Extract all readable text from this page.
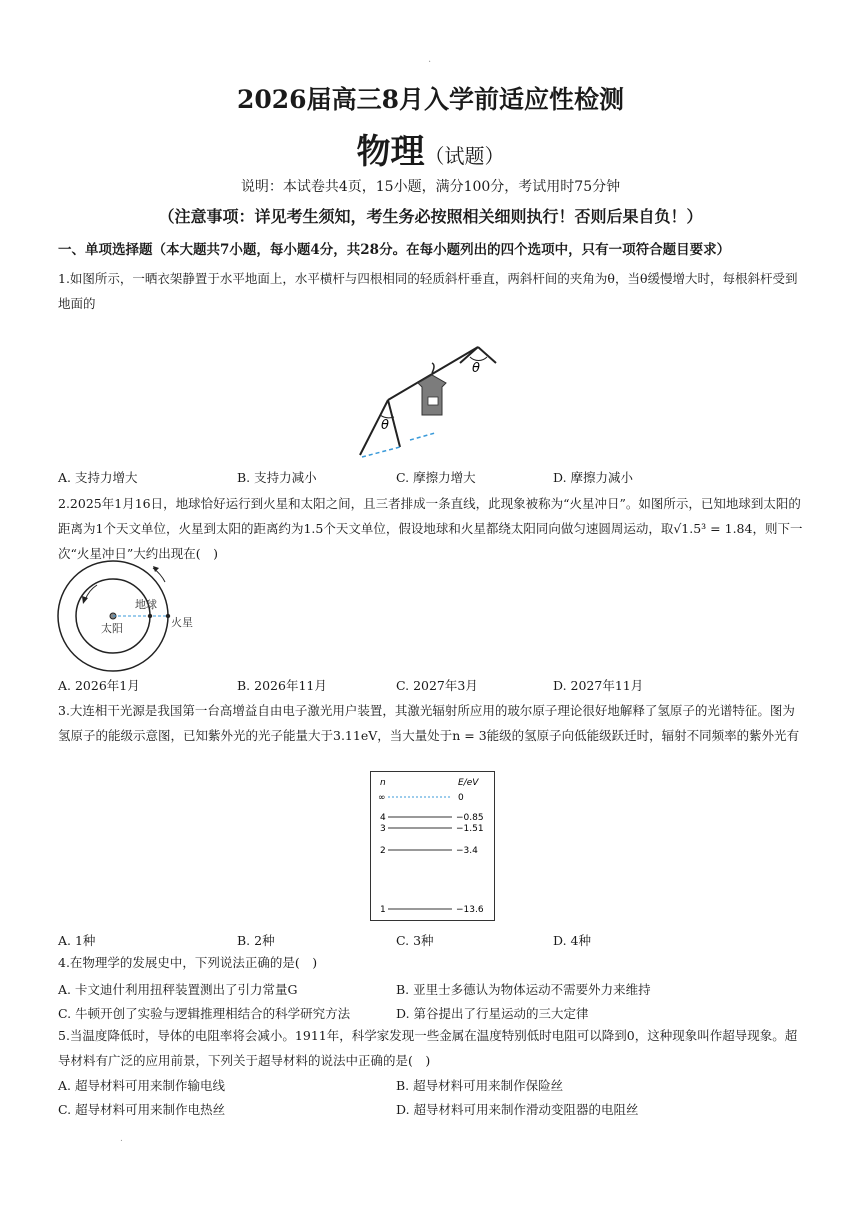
.
2026届高三8月入学前适应性检测
物理（试题）
说明：本试卷共4页，15小题，满分100分，考试用时75分钟
（注意事项：详见考生须知，考生务必按照相关细则执行！否则后果自负！）
一、单项选择题（本大题共7小题，每小题4分，共28分。在每小题列出的四个选项中，只有一项符合题目要求）
1.如图所示，一晒衣架静置于水平地面上，水平横杆与四根相同的轻质斜杆垂直，两斜杆间的夹角为θ，当θ缓慢增大时，每根斜杆受到地面的
θ
θ
A. 支持力增大	B. 支持力减小	C. 摩擦力增大	D. 摩擦力减小
2.2025年1月16日，地球恰好运行到火星和太阳之间，且三者排成一条直线，此现象被称为“火星冲日”。如图所示，已知地球到太阳的距离为1个天文单位，火星到太阳的距离约为1.5个天文单位，假设地球和火星都绕太阳同向做匀速圆周运动，取√1.5³ = 1.84，则下一次“火星冲日”大约出现在(　)
太阳
地球
火星
A. 2026年1月	B. 2026年11月	C. 2027年3月	D. 2027年11月
3.大连相干光源是我国第一台高增益自由电子激光用户装置，其激光辐射所应用的玻尔原子理论很好地解释了氢原子的光谱特征。图为氢原子的能级示意图，已知紫外光的光子能量大于3.11eV，当大量处于n = 3能级的氢原子向低能级跃迁时，辐射不同频率的紫外光有
n	E/eV
∞	0
4	−0.85
3	−1.51
2	−3.4
1	−13.6
A. 1种	B. 2种	C. 3种	D. 4种
4.在物理学的发展史中，下列说法正确的是(　)
A. 卡文迪什利用扭秤装置测出了引力常量G	B. 亚里士多德认为物体运动不需要外力来维持
C. 牛顿开创了实验与逻辑推理相结合的科学研究方法	D. 第谷提出了行星运动的三大定律
5.当温度降低时，导体的电阻率将会减小。1911年，科学家发现一些金属在温度特别低时电阻可以降到0，这种现象叫作超导现象。超导材料有广泛的应用前景，下列关于超导材料的说法中正确的是(　)
A. 超导材料可用来制作输电线	B. 超导材料可用来制作保险丝
C. 超导材料可用来制作电热丝	D. 超导材料可用来制作滑动变阻器的电阻丝
.
